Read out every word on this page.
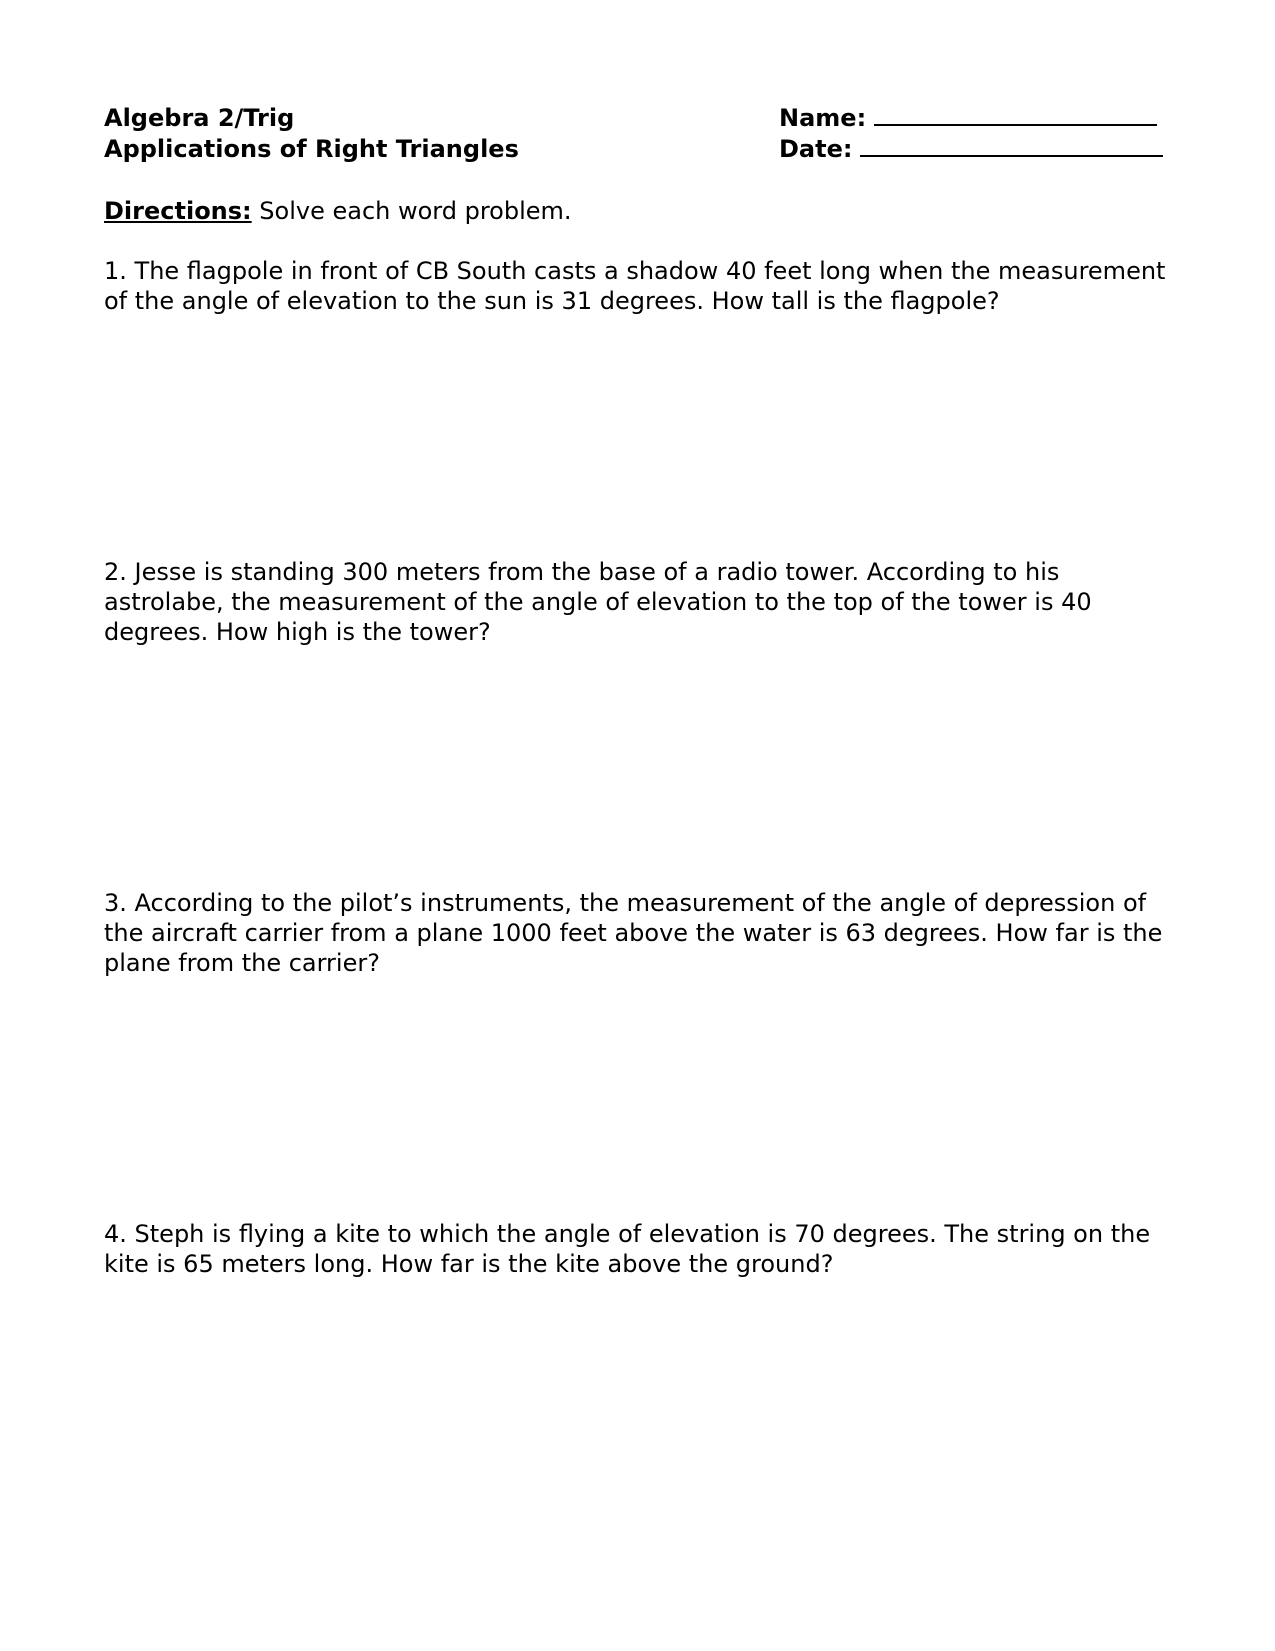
Algebra 2/Trig
Applications of Right Triangles
Name:
Date:
Directions: Solve each word problem.

1. The flagpole in front of CB South casts a shadow 40 feet long when the measurement of the angle of elevation to the sun is 31 degrees. How tall is the flagpole?

2. Jesse is standing 300 meters from the base of a radio tower. According to his astrolabe, the measurement of the angle of elevation to the top of the tower is 40 degrees. How high is the tower?

3. According to the pilot’s instruments, the measurement of the angle of depression of the aircraft carrier from a plane 1000 feet above the water is 63 degrees. How far is the plane from the carrier?

4. Steph is flying a kite to which the angle of elevation is 70 degrees. The string on the kite is 65 meters long. How far is the kite above the ground?
